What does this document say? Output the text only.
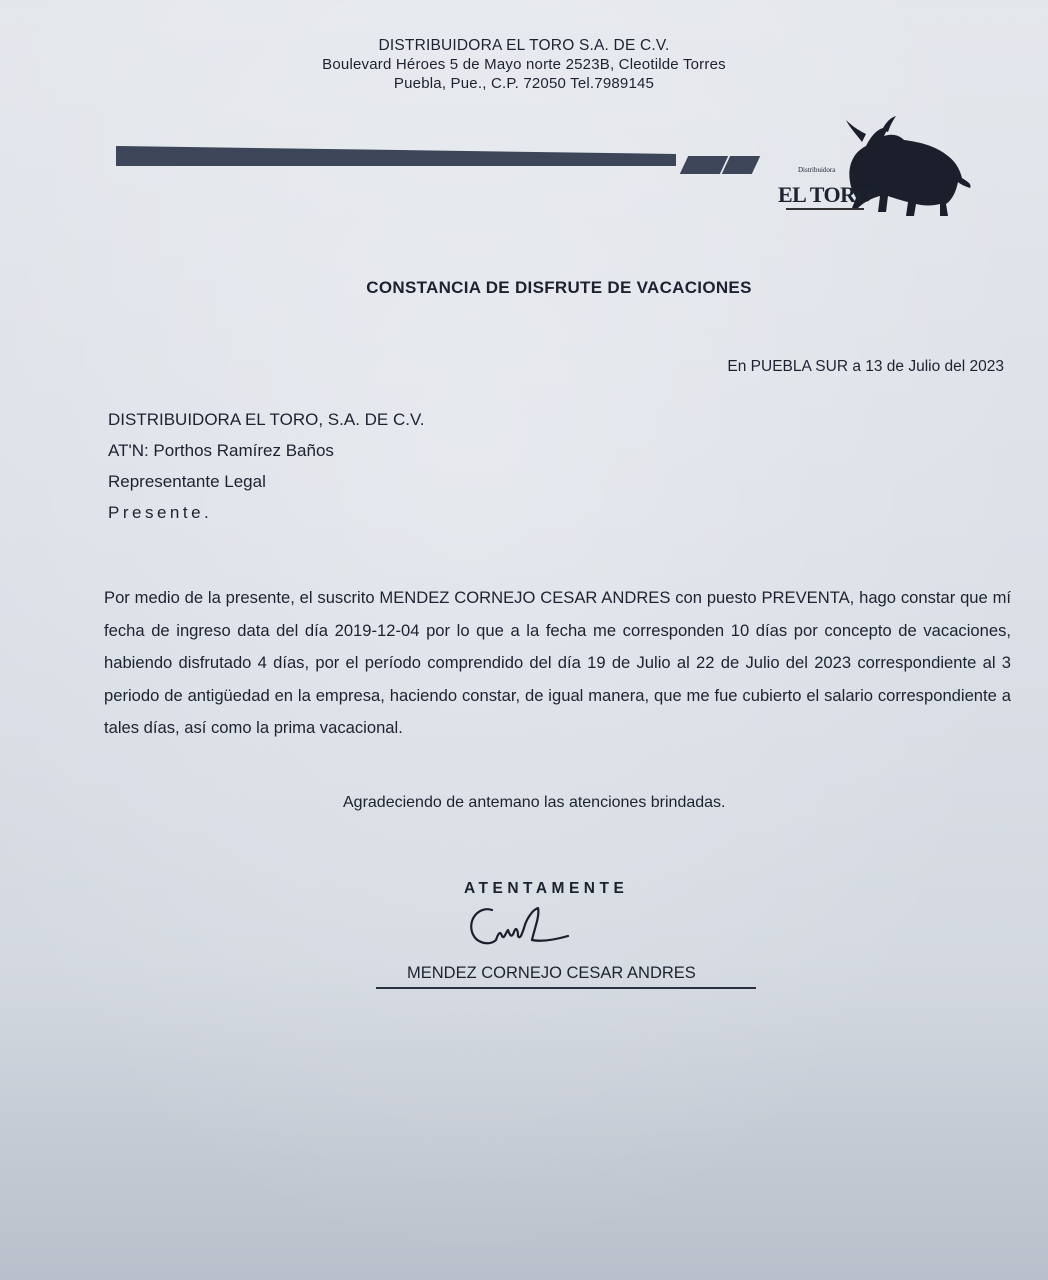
DISTRIBUIDORA EL TORO S.A. DE C.V.
Boulevard Héroes 5 de Mayo norte 2523B, Cleotilde Torres
Puebla, Pue., C.P. 72050 Tel.7989145
Distribuidora
EL TORO
CONSTANCIA DE DISFRUTE DE VACACIONES
En PUEBLA SUR a 13 de Julio del 2023
DISTRIBUIDORA EL TORO, S.A. DE C.V.
AT'N: Porthos Ramírez Baños
Representante Legal
Presente.
Por medio de la presente, el suscrito MENDEZ CORNEJO CESAR ANDRES con puesto PREVENTA, hago constar que mí fecha de ingreso data del día 2019-12-04 por lo que a la fecha me corresponden 10 días por concepto de vacaciones, habiendo disfrutado 4 días, por el período comprendido del día 19 de Julio al 22 de Julio del 2023 correspondiente al 3 periodo de antigüedad en la empresa, haciendo constar, de igual manera, que me fue cubierto el salario correspondiente a tales días, así como la prima vacacional.
Agradeciendo de antemano las atenciones brindadas.
ATENTAMENTE
MENDEZ CORNEJO CESAR ANDRES
